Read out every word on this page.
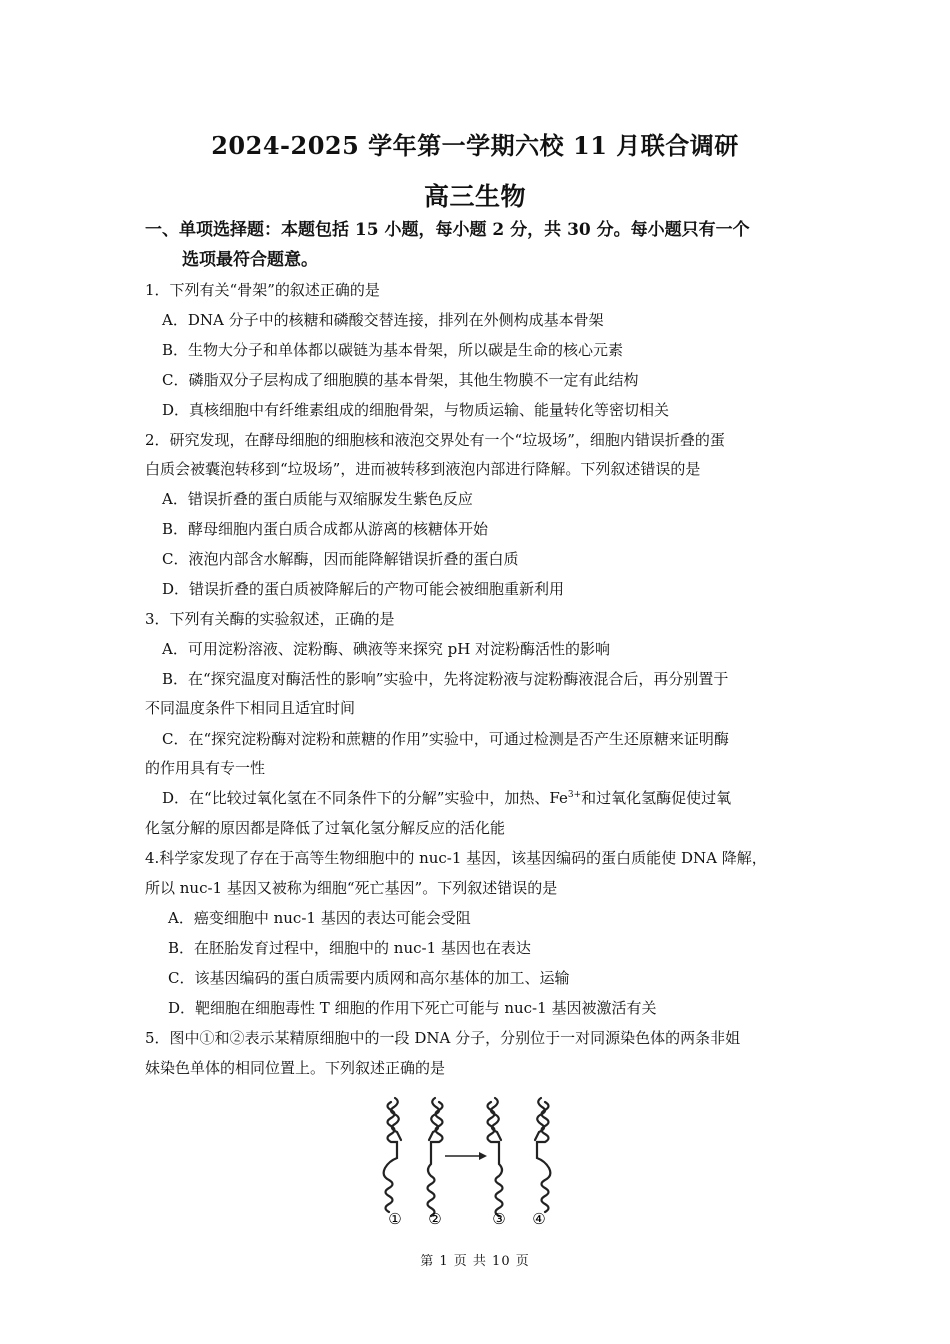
2024-2025 学年第一学期六校 11 月联合调研
高三生物
一、单项选择题：本题包括 15 小题，每小题 2 分，共 30 分。每小题只有一个
选项最符合题意。
1．下列有关“骨架”的叙述正确的是
A．DNA 分子中的核糖和磷酸交替连接，排列在外侧构成基本骨架
B．生物大分子和单体都以碳链为基本骨架，所以碳是生命的核心元素
C．磷脂双分子层构成了细胞膜的基本骨架，其他生物膜不一定有此结构
D．真核细胞中有纤维素组成的细胞骨架，与物质运输、能量转化等密切相关
2．研究发现，在酵母细胞的细胞核和液泡交界处有一个“垃圾场”，细胞内错误折叠的蛋
白质会被囊泡转移到“垃圾场”，进而被转移到液泡内部进行降解。下列叙述错误的是
A．错误折叠的蛋白质能与双缩脲发生紫色反应
B．酵母细胞内蛋白质合成都从游离的核糖体开始
C．液泡内部含水解酶，因而能降解错误折叠的蛋白质
D．错误折叠的蛋白质被降解后的产物可能会被细胞重新利用
3．下列有关酶的实验叙述，正确的是
A．可用淀粉溶液、淀粉酶、碘液等来探究 pH 对淀粉酶活性的影响
B．在“探究温度对酶活性的影响”实验中，先将淀粉液与淀粉酶液混合后，再分别置于
不同温度条件下相同且适宜时间
C．在“探究淀粉酶对淀粉和蔗糖的作用”实验中，可通过检测是否产生还原糖来证明酶
的作用具有专一性
D．在“比较过氧化氢在不同条件下的分解”实验中，加热、$Fe^{3+}$和过氧化氢酶促使过氧
化氢分解的原因都是降低了过氧化氢分解反应的活化能
4.科学家发现了存在于高等生物细胞中的 nuc-1 基因，该基因编码的蛋白质能使 DNA 降解，
所以 nuc-1 基因又被称为细胞“死亡基因”。下列叙述错误的是
A．癌变细胞中 nuc-1 基因的表达可能会受阻
B．在胚胎发育过程中，细胞中的 nuc-1 基因也在表达
C．该基因编码的蛋白质需要内质网和高尔基体的加工、运输
D．靶细胞在细胞毒性 T 细胞的作用下死亡可能与 nuc-1 基因被激活有关
5．图中①和②表示某精原细胞中的一段 DNA 分子，分别位于一对同源染色体的两条非姐
妹染色单体的相同位置上。下列叙述正确的是
① ②	③ ④
第 1 页 共 10 页
